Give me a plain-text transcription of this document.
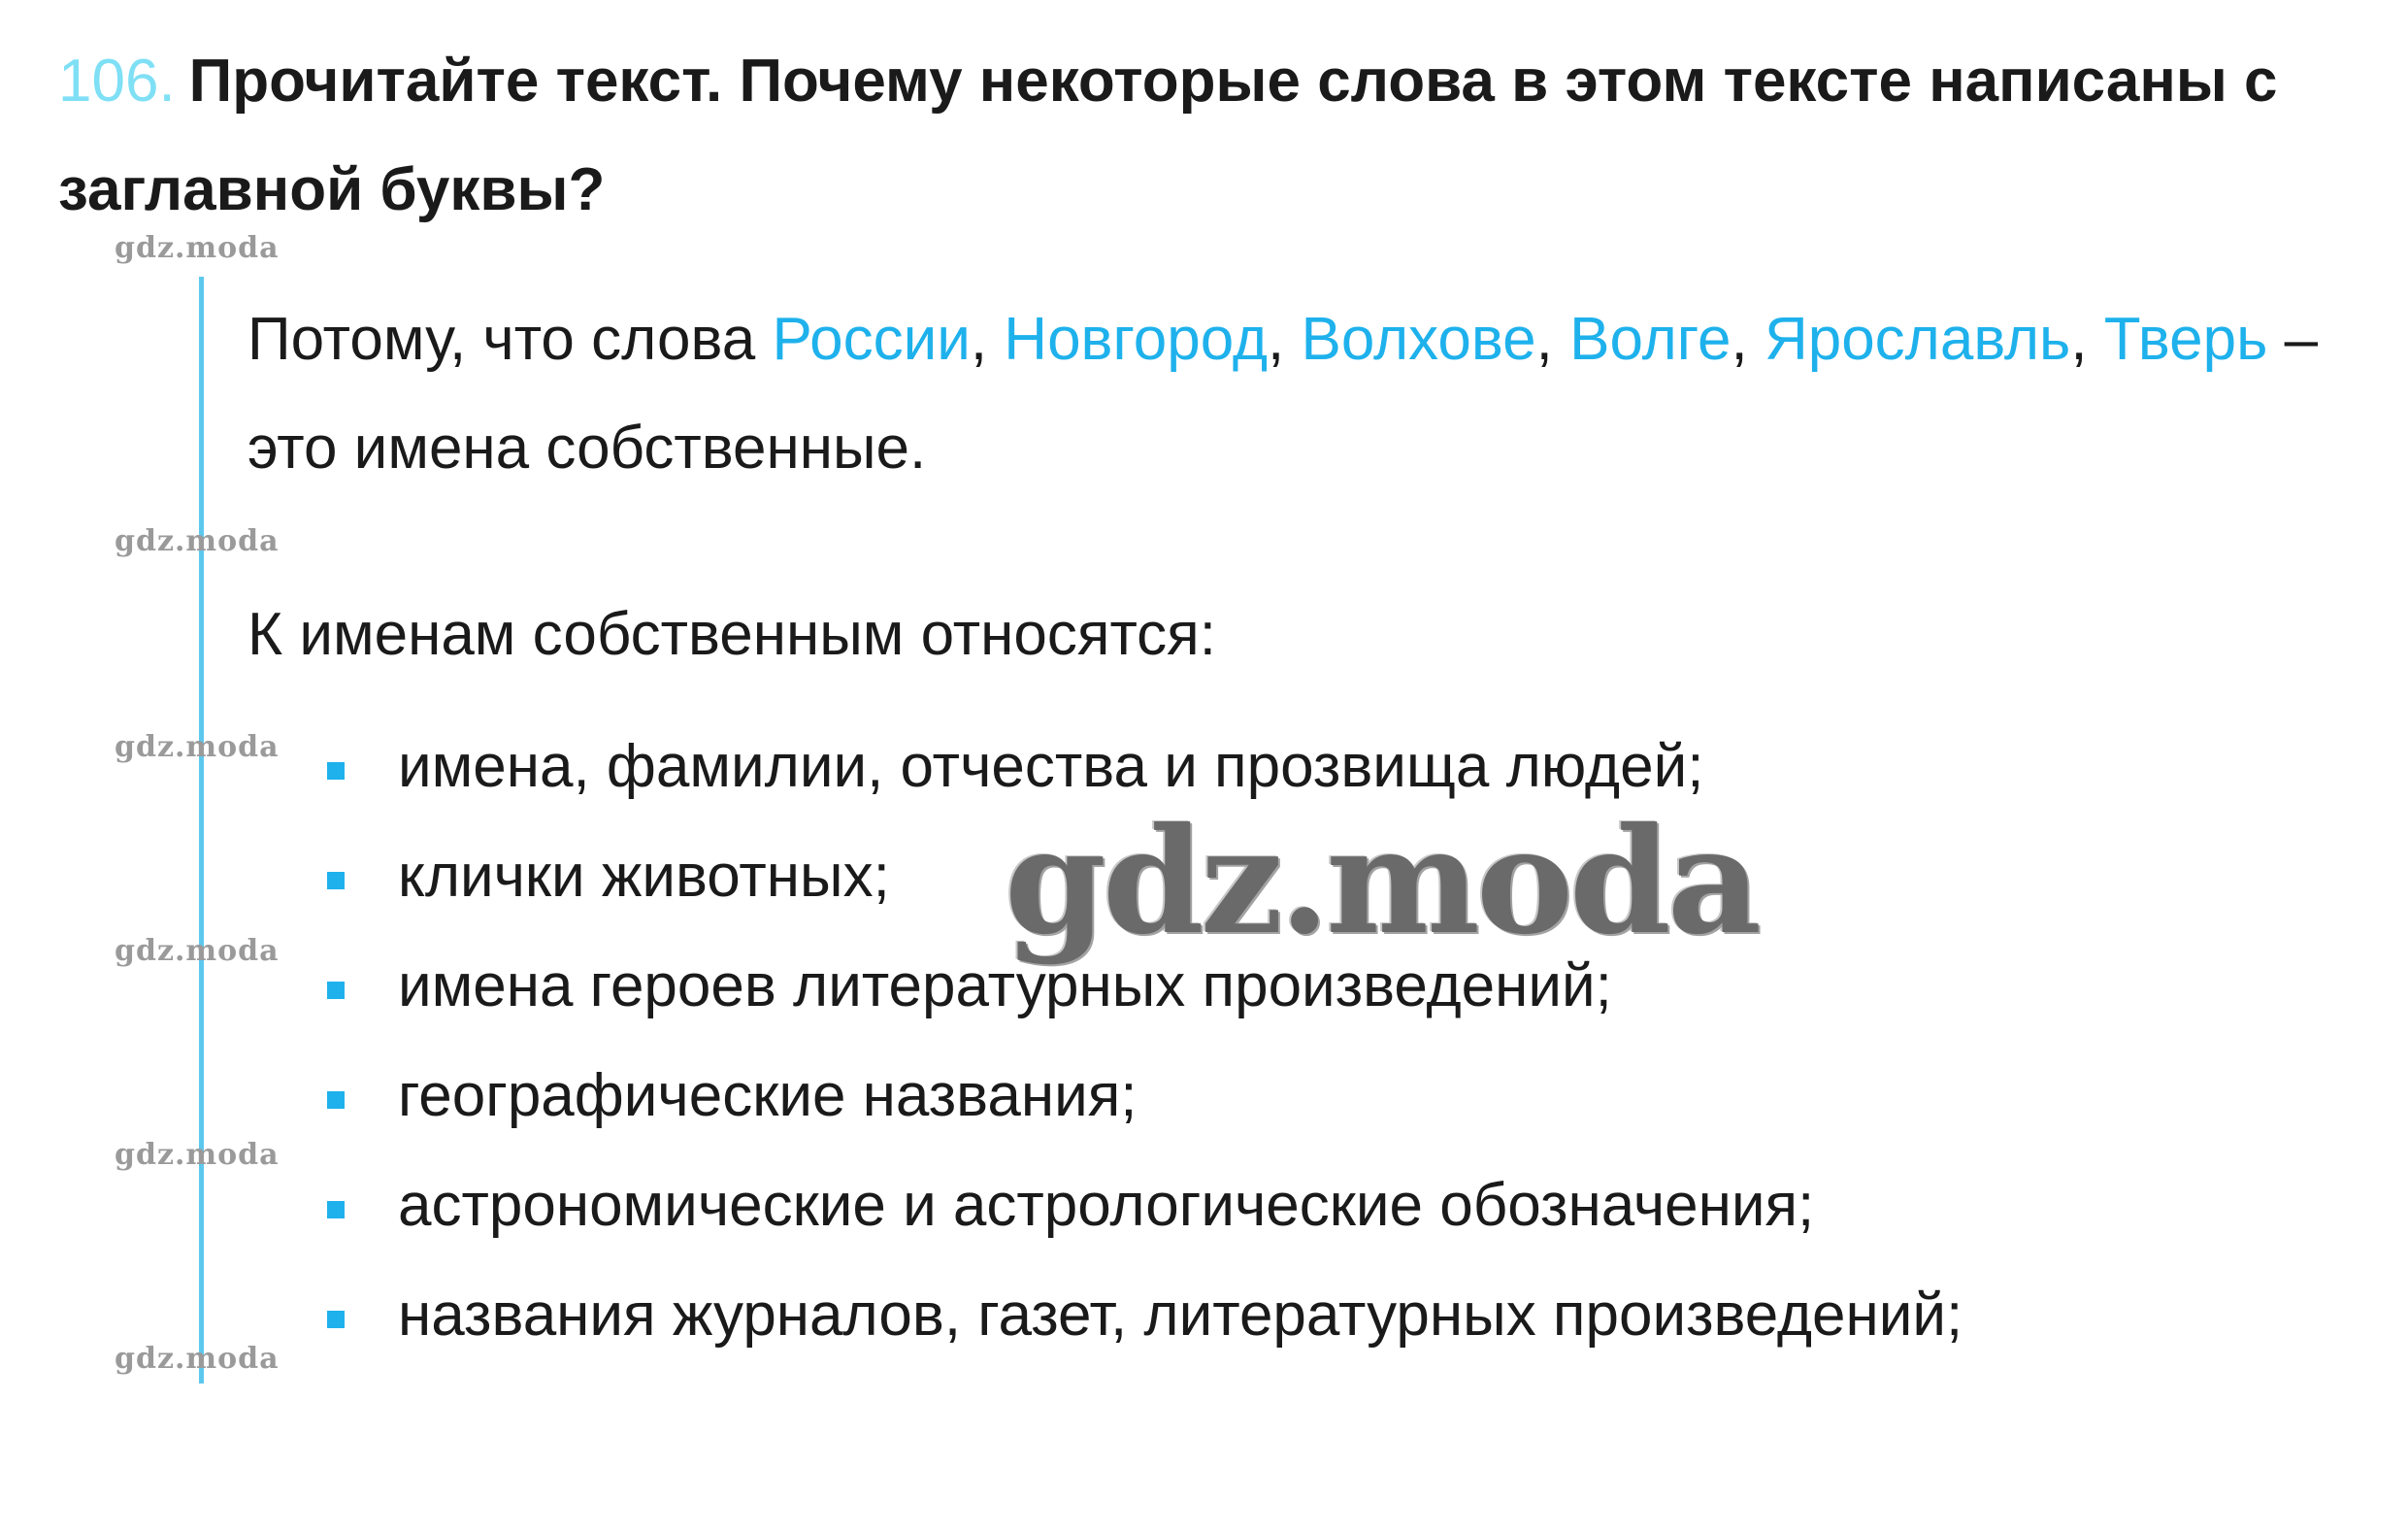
106. Прочитайте текст. Почему некоторые слова в этом тексте написаны с заглавной буквы?
Потому, что слова России, Новгород, Волхове, Волге, Ярославль, Тверь – это имена собственные.
К именам собственным относятся:
имена, фамилии, отчества и прозвища людей;
клички животных;
имена героев литературных произведений;
географические названия;
астрономические и астрологические обозначения;
названия журналов, газет, литературных произведений;
gdz.moda
gdz.moda
gdz.moda
gdz.moda
gdz.moda
gdz.moda
gdz.moda
